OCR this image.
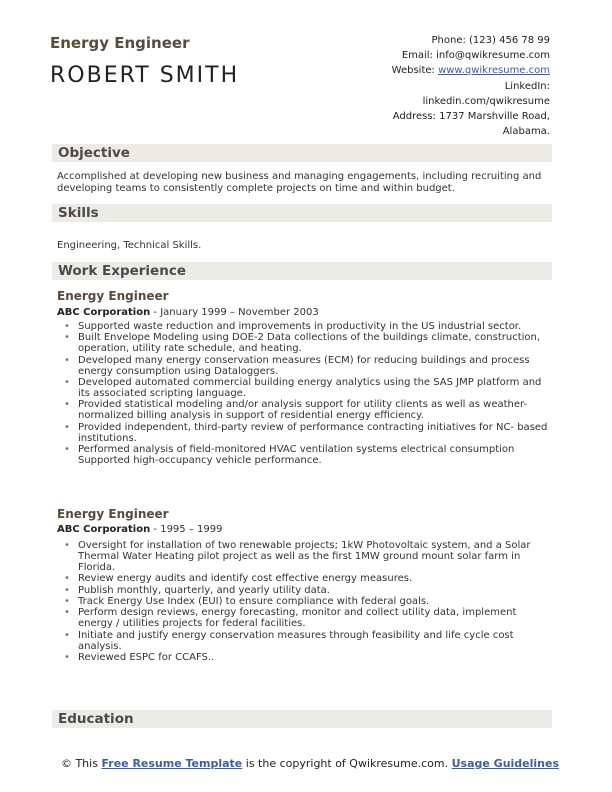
Energy Engineer
ROBERT SMITH
Phone: (123) 456 78 99
Email: info@qwikresume.com
Website: www.qwikresume.com
LinkedIn:
linkedin.com/qwikresume
Address: 1737 Marshville Road,
Alabama.
Objective
Accomplished at developing new business and managing engagements, including recruiting and developing teams to consistently complete projects on time and within budget.
Skills
Engineering, Technical Skills.
Work Experience
Energy Engineer
ABC Corporation - January 1999 – November 2003
• Supported waste reduction and improvements in productivity in the US industrial sector.
• Built Envelope Modeling using DOE-2 Data collections of the buildings climate, construction, operation, utility rate schedule, and heating.
• Developed many energy conservation measures (ECM) for reducing buildings and process energy consumption using Dataloggers.
• Developed automated commercial building energy analytics using the SAS JMP platform and its associated scripting language.
• Provided statistical modeling and/or analysis support for utility clients as well as weather-normalized billing analysis in support of residential energy efficiency.
• Provided independent, third-party review of performance contracting initiatives for NC- based institutions.
• Performed analysis of field-monitored HVAC ventilation systems electrical consumption Supported high-occupancy vehicle performance.
Energy Engineer
ABC Corporation - 1995 – 1999
• Oversight for installation of two renewable projects; 1kW Photovoltaic system, and a Solar Thermal Water Heating pilot project as well as the first 1MW ground mount solar farm in Florida.
• Review energy audits and identify cost effective energy measures.
• Publish monthly, quarterly, and yearly utility data.
• Track Energy Use Index (EUI) to ensure compliance with federal goals.
• Perform design reviews, energy forecasting, monitor and collect utility data, implement energy / utilities projects for federal facilities.
• Initiate and justify energy conservation measures through feasibility and life cycle cost analysis.
• Reviewed ESPC for CCAFS..
Education
© This Free Resume Template is the copyright of Qwikresume.com. Usage Guidelines
